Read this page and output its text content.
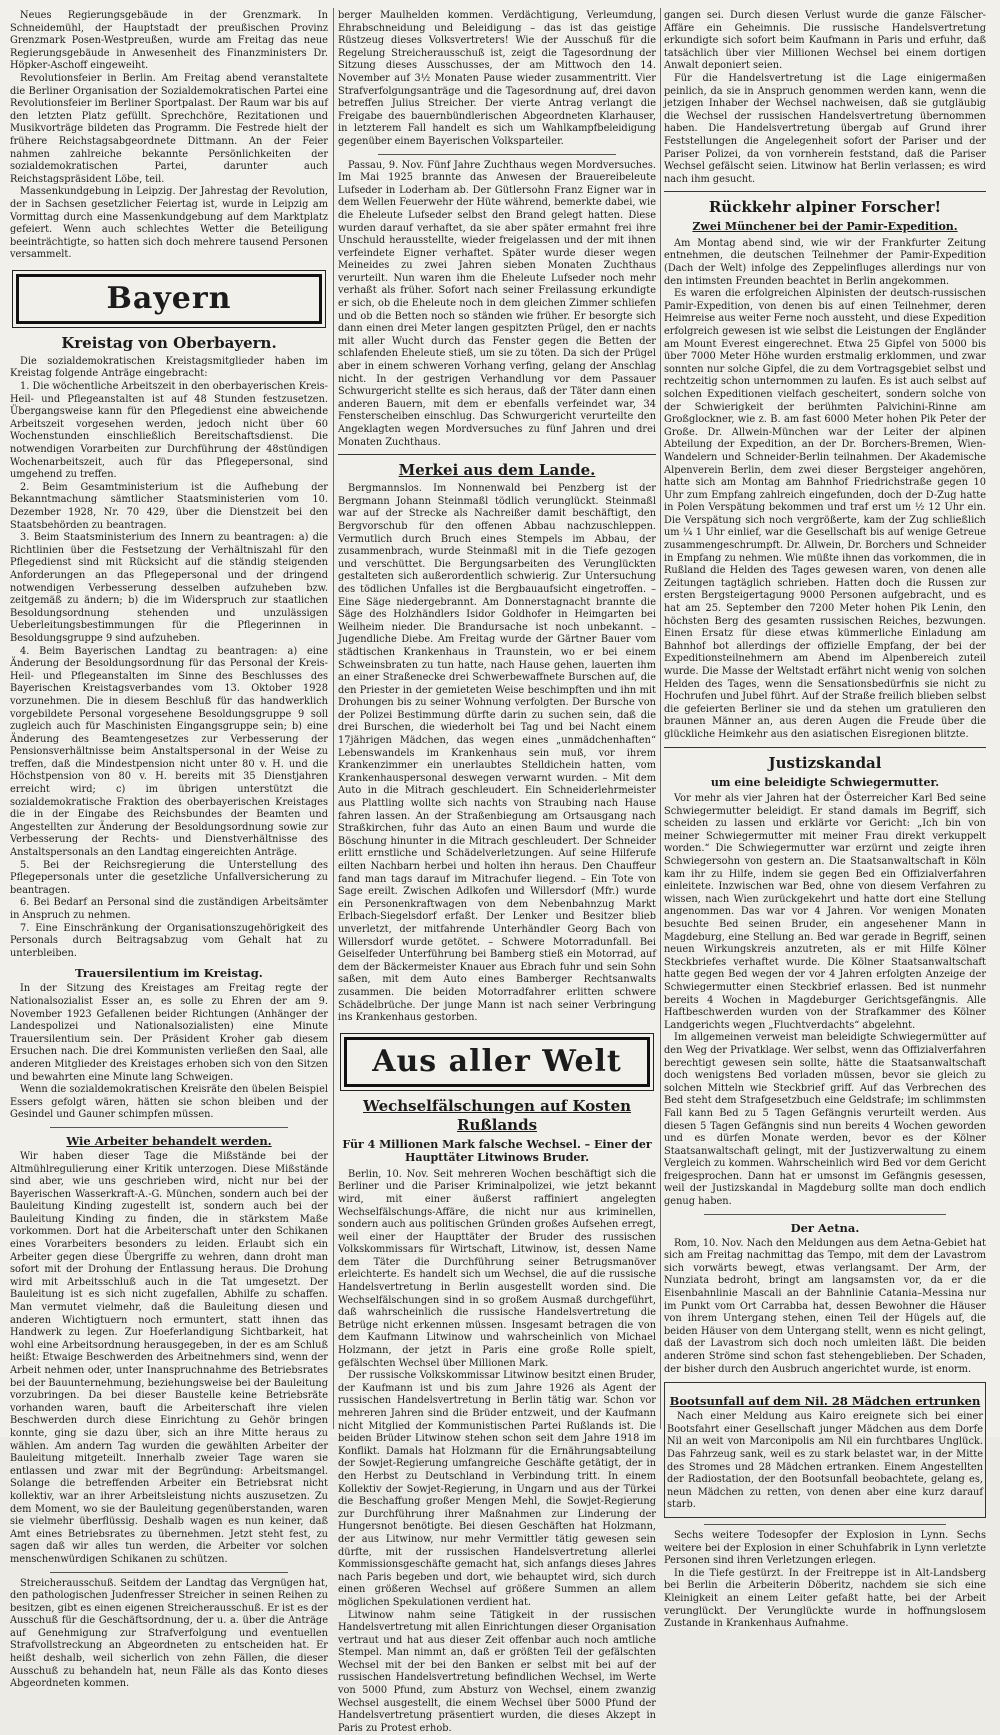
Neues Regierungsgebäude in der Grenzmark. In Schneidemühl, der Hauptstadt der preußischen Provinz Grenzmark Posen-Westpreußen, wurde am Freitag das neue Regierungsgebäude in Anwesenheit des Finanzministers Dr. Höpker-Aschoff eingeweiht.

Revolutionsfeier in Berlin. Am Freitag abend veranstaltete die Berliner Organisation der Sozialdemokratischen Partei eine Revolutionsfeier im Berliner Sportpalast. Der Raum war bis auf den letzten Platz gefüllt. Sprechchöre, Rezitationen und Musikvorträge bildeten das Programm. Die Festrede hielt der frühere Reichstagsabgeordnete Dittmann. An der Feier nahmen zahlreiche bekannte Persönlichkeiten der sozialdemokratischen Partei, darunter auch Reichstagspräsident Löbe, teil.

Massenkundgebung in Leipzig. Der Jahrestag der Revolution, der in Sachsen gesetzlicher Feiertag ist, wurde in Leipzig am Vormittag durch eine Massenkundgebung auf dem Marktplatz gefeiert. Wenn auch schlechtes Wetter die Beteiligung beeinträchtigte, so hatten sich doch mehrere tausend Personen versammelt.

Bayern
Kreistag von Oberbayern.

Die sozialdemokratischen Kreistagsmitglieder haben im Kreistag folgende Anträge eingebracht:

1. Die wöchentliche Arbeitszeit in den oberbayerischen Kreis-Heil- und Pflegeanstalten ist auf 48 Stunden festzusetzen. Übergangsweise kann für den Pflegedienst eine abweichende Arbeitszeit vorgesehen werden, jedoch nicht über 60 Wochenstunden einschließlich Bereitschaftsdienst. Die notwendigen Vorarbeiten zur Durchführung der 48stündigen Wochenarbeitszeit, auch für das Pflegepersonal, sind umgehend zu treffen.

2. Beim Gesamtministerium ist die Aufhebung der Bekanntmachung sämtlicher Staatsministerien vom 10. Dezember 1928, Nr. 70 429, über die Dienstzeit bei den Staatsbehörden zu beantragen.

3. Beim Staatsministerium des Innern zu beantragen: a) die Richtlinien über die Festsetzung der Verhältniszahl für den Pflegedienst sind mit Rücksicht auf die ständig steigenden Anforderungen an das Pflegepersonal und der dringend notwendigen Verbesserung desselben aufzuheben bzw. zeitgemäß zu ändern; b) die im Widerspruch zur staatlichen Besoldungsordnung stehenden und unzulässigen Ueberleitungsbestimmungen für die Pflegerinnen in Besoldungsgruppe 9 sind aufzuheben.

4. Beim Bayerischen Landtag zu beantragen: a) eine Änderung der Besoldungsordnung für das Personal der Kreis-Heil- und Pflegeanstalten im Sinne des Beschlusses des Bayerischen Kreistagsverbandes vom 13. Oktober 1928 vorzunehmen. Die in diesem Beschluß für das handwerklich vorgebildete Personal vorgesehene Besoldungsgruppe 9 soll zugleich auch für Maschinisten Eingangsgruppe sein; b) eine Änderung des Beamtengesetzes zur Verbesserung der Pensionsverhältnisse beim Anstaltspersonal in der Weise zu treffen, daß die Mindestpension nicht unter 80 v. H. und die Höchstpension von 80 v. H. bereits mit 35 Dienstjahren erreicht wird; c) im übrigen unterstützt die sozialdemokratische Fraktion des oberbayerischen Kreistages die in der Eingabe des Reichsbundes der Beamten und Angestellten zur Änderung der Besoldungsordnung sowie zur Verbesserung der Rechts- und Dienstverhältnisse des Anstaltspersonals an den Landtag eingereichten Anträge.

5. Bei der Reichsregierung die Unterstellung des Pflegepersonals unter die gesetzliche Unfallversicherung zu beantragen.

6. Bei Bedarf an Personal sind die zuständigen Arbeitsämter in Anspruch zu nehmen.

7. Eine Einschränkung der Organisationszugehörigkeit des Personals durch Beitragsabzug vom Gehalt hat zu unterbleiben.

Trauersilentium im Kreistag.

In der Sitzung des Kreistages am Freitag regte der Nationalsozialist Esser an, es solle zu Ehren der am 9. November 1923 Gefallenen beider Richtungen (Anhänger der Landespolizei und Nationalsozialisten) eine Minute Trauersilentium sein. Der Präsident Kroher gab diesem Ersuchen nach. Die drei Kommunisten verließen den Saal, alle anderen Mitglieder des Kreistages erhoben sich von den Sitzen und bewahrten eine Minute lang Schweigen.

Wenn die sozialdemokratischen Kreisräte den übelen Beispiel Essers gefolgt wären, hätten sie schon bleiben und der Gesindel und Gauner schimpfen müssen.

Wie Arbeiter behandelt werden.

Wir haben dieser Tage die Mißstände bei der Altmühlregulierung einer Kritik unterzogen. Diese Mißstände sind aber, wie uns geschrieben wird, nicht nur bei der Bayerischen Wasserkraft-A.-G. München, sondern auch bei der Bauleitung Kinding zugestellt ist, sondern auch bei der Bauleitung Kinding zu finden, die in stärkstem Maße vorkommen. Dort hat die Arbeiterschaft unter den Schikanen eines Vorarbeiters besonders zu leiden. Erlaubt sich ein Arbeiter gegen diese Übergriffe zu wehren, dann droht man sofort mit der Drohung der Entlassung heraus. Die Drohung wird mit Arbeitsschluß auch in die Tat umgesetzt. Der Bauleitung ist es sich nicht zugefallen, Abhilfe zu schaffen. Man vermutet vielmehr, daß die Bauleitung diesen und anderen Wichtigtuern noch ermuntert, statt ihnen das Handwerk zu legen. Zur Hoeferlandigung Sichtbarkeit, hat wohl eine Arbeitsordnung herausgegeben, in der es am Schluß heißt: Etwaige Beschwerden des Arbeitnehmers sind, wenn der Arbeit nehmen oder, unter Inanspruchnahme des Betriebsrates bei der Bauunternehmung, beziehungsweise bei der Bauleitung vorzubringen. Da bei dieser Baustelle keine Betriebsräte vorhanden waren, bauft die Arbeiterschaft ihre vielen Beschwerden durch diese Einrichtung zu Gehör bringen konnte, ging sie dazu über, sich an ihre Mitte heraus zu wählen. Am andern Tag wurden die gewählten Arbeiter der Bauleitung mitgeteilt. Innerhalb zweier Tage waren sie entlassen und zwar mit der Begründung: Arbeitsmangel. Solange die betreffenden Arbeiter ein Betriebsrat nicht kollektiv, war an ihrer Arbeitsleistung nichts auszusetzen. Zu dem Moment, wo sie der Bauleitung gegenüberstanden, waren sie vielmehr überflüssig. Deshalb wagen es nun keiner, daß Amt eines Betriebsrates zu übernehmen. Jetzt steht fest, zu sagen daß wir alles tun werden, die Arbeiter vor solchen menschenwürdigen Schikanen zu schützen.

Streicherausschuß. Seitdem der Landtag das Vergnügen hat, den pathologischen Judenfresser Streicher in seinen Reihen zu besitzen, gibt es einen eigenen Streicherausschuß. Er ist es der Ausschuß für die Geschäftsordnung, der u. a. über die Anträge auf Genehmigung zur Strafverfolgung und eventuellen Strafvollstreckung an Abgeordneten zu entscheiden hat. Er heißt deshalb, weil sicherlich von zehn Fällen, die dieser Ausschuß zu behandeln hat, neun Fälle als das Konto dieses Abgeordneten kommen.

berger Maulhelden kommen. Verdächtigung, Verleumdung, Ehrabschneidung und Beleidigung – das ist das geistige Rüstzeug dieses Volksvertreters! Wie der Ausschuß für die Regelung Streicherausschuß ist, zeigt die Tagesordnung der Sitzung dieses Ausschusses, der am Mittwoch den 14. November auf 3½ Monaten Pause wieder zusammentritt. Vier Strafverfolgungsanträge und die Tagesordnung auf, drei davon betreffen Julius Streicher. Der vierte Antrag verlangt die Freigabe des bauernbündlerischen Abgeordneten Klarhauser, in letzterem Fall handelt es sich um Wahlkampfbeleidigung gegenüber einem Bayerischen Volksparteiler.

Passau, 9. Nov. Fünf Jahre Zuchthaus wegen Mordversuches. Im Mai 1925 brannte das Anwesen der Brauereibeleute Lufseder in Loderham ab. Der Gütlersohn Franz Eigner war in dem Wellen Feuerwehr der Hüte während, bemerkte dabei, wie die Eheleute Lufseder selbst den Brand gelegt hatten. Diese wurden darauf verhaftet, da sie aber später ermahnt frei ihre Unschuld herausstellte, wieder freigelassen und der mit ihnen verfeindete Eigner verhaftet. Später wurde dieser wegen Meineides zu zwei Jahren sieben Monaten Zuchthaus verurteilt. Nun waren ihm die Eheleute Lufseder noch mehr verhaßt als früher. Sofort nach seiner Freilassung erkundigte er sich, ob die Eheleute noch in dem gleichen Zimmer schliefen und ob die Betten noch so ständen wie früher. Er besorgte sich dann einen drei Meter langen gespitzten Prügel, den er nachts mit aller Wucht durch das Fenster gegen die Betten der schlafenden Eheleute stieß, um sie zu töten. Da sich der Prügel aber in einem schweren Vorhang verfing, gelang der Anschlag nicht. In der gestrigen Verhandlung vor dem Passauer Schwurgericht stellte es sich heraus, daß der Täter dann einen anderen Bauern, mit dem er ebenfalls verfeindet war, 34 Fensterscheiben einschlug. Das Schwurgericht verurteilte den Angeklagten wegen Mordversuches zu fünf Jahren und drei Monaten Zuchthaus.

Merkei aus dem Lande.

Bergmannslos. Im Nonnenwald bei Penzberg ist der Bergmann Johann Steinmaßl tödlich verunglückt. Steinmaßl war auf der Strecke als Nachreißer damit beschäftigt, den Bergvorschub für den offenen Abbau nachzuschleppen. Vermutlich durch Bruch eines Stempels im Abbau, der zusammenbrach, wurde Steinmaßl mit in die Tiefe gezogen und verschüttet. Die Bergungsarbeiten des Verunglückten gestalteten sich außerordentlich schwierig. Zur Untersuchung des tödlichen Unfalles ist die Bergbauaufsicht eingetroffen. – Eine Säge niedergebrannt. Am Donnerstagnacht brannte die Säge des Holzhändlers Isidor Goldhofer in Heimgarten bei Weilheim nieder. Die Brandursache ist noch unbekannt. – Jugendliche Diebe. Am Freitag wurde der Gärtner Bauer vom städtischen Krankenhaus in Traunstein, wo er bei einem Schweinsbraten zu tun hatte, nach Hause gehen, lauerten ihm an einer Straßenecke drei Schwerbewaffnete Burschen auf, die den Priester in der gemieteten Weise beschimpften und ihn mit Drohungen bis zu seiner Wohnung verfolgten. Der Bursche von der Polizei Bestimmung dürfte darin zu suchen sein, daß die drei Burschen, die wiederholt bei Tag und bei Nacht einem 17jährigen Mädchen, das wegen eines „unmädchenhaften“ Lebenswandels im Krankenhaus sein muß, vor ihrem Krankenzimmer ein unerlaubtes Stelldichein hatten, vom Krankenhauspersonal deswegen verwarnt wurden. – Mit dem Auto in die Mitrach geschleudert. Ein Schneiderlehrmeister aus Plattling wollte sich nachts von Straubing nach Hause fahren lassen. An der Straßenbiegung am Ortsausgang nach Straßkirchen, fuhr das Auto an einen Baum und wurde die Böschung hinunter in die Mitrach geschleudert. Der Schneider erlitt ernstliche und Schädelverletzungen. Auf seine Hilferufe eilten Nachbarn herbei und holten ihn heraus. Den Chauffeur fand man tags darauf im Mitrachufer liegend. – Ein Tote von Sage ereilt. Zwischen Adlkofen und Willersdorf (Mfr.) wurde ein Personenkraftwagen von dem Nebenbahnzug Markt Erlbach-Siegelsdorf erfaßt. Der Lenker und Besitzer blieb unverletzt, der mitfahrende Unterhändler Georg Bach von Willersdorf wurde getötet. – Schwere Motorradunfall. Bei Geiselfeder Unterführung bei Bamberg stieß ein Motorrad, auf dem der Bäckermeister Knauer aus Ebrach fuhr und sein Sohn saßen, mit dem Auto eines Bamberger Rechtsanwalts zusammen. Die beiden Motorradfahrer erlitten schwere Schädelbrüche. Der junge Mann ist nach seiner Verbringung ins Krankenhaus gestorben.

Aus aller Welt
Wechselfälschungen auf Kosten Rußlands
Für 4 Millionen Mark falsche Wechsel. – Einer der Haupttäter Litwinows Bruder.

Berlin, 10. Nov. Seit mehreren Wochen beschäftigt sich die Berliner und die Pariser Kriminalpolizei, wie jetzt bekannt wird, mit einer äußerst raffiniert angelegten Wechselfälschungs-Affäre, die nicht nur aus kriminellen, sondern auch aus politischen Gründen großes Aufsehen erregt, weil einer der Haupttäter der Bruder des russischen Volkskommissars für Wirtschaft, Litwinow, ist, dessen Name dem Täter die Durchführung seiner Betrugsmanöver erleichterte. Es handelt sich um Wechsel, die auf die russische Handelsvertretung in Berlin ausgestellt worden sind. Die Wechselfälschungen sind in so großem Ausmaß durchgeführt, daß wahrscheinlich die russische Handelsvertretung die Betrüge nicht erkennen müssen. Insgesamt betragen die von dem Kaufmann Litwinow und wahrscheinlich von Michael Holzmann, der jetzt in Paris eine große Rolle spielt, gefälschten Wechsel über Millionen Mark.

Der russische Volkskommissar Litwinow besitzt einen Bruder, der Kaufmann ist und bis zum Jahre 1926 als Agent der russischen Handelsvertretung in Berlin tätig war. Schon vor mehreren Jahren sind die Brüder entzweit, und der Kaufmann nicht Mitglied der Kommunistischen Partei Rußlands ist. Die beiden Brüder Litwinow stehen schon seit dem Jahre 1918 im Konflikt. Damals hat Holzmann für die Ernährungsabteilung der Sowjet-Regierung umfangreiche Geschäfte getätigt, der in den Herbst zu Deutschland in Verbindung tritt. In einem Kollektiv der Sowjet-Regierung, in Ungarn und aus der Türkei die Beschaffung großer Mengen Mehl, die Sowjet-Regierung zur Durchführung ihrer Maßnahmen zur Linderung der Hungersnot benötigte. Bei diesen Geschäften hat Holzmann, der aus Litwinow, nur mehr Vermittler tätig gewesen sein dürfte, mit der russischen Handelsvertretung allerlei Kommissionsgeschäfte gemacht hat, sich anfangs dieses Jahres nach Paris begeben und dort, wie behauptet wird, sich durch einen größeren Wechsel auf größere Summen an allem möglichen Spekulationen verdient hat.

Litwinow nahm seine Tätigkeit in der russischen Handelsvertretung mit allen Einrichtungen dieser Organisation vertraut und hat aus dieser Zeit offenbar auch noch amtliche Stempel. Man nimmt an, daß er größten Teil der gefälschten Wechsel mit der bei den Banken er selbst mit bei auf der russischen Handelsvertretung befindlichen Wechsel, im Werte von 5000 Pfund, zum Absturz von Wechsel, einem zwanzig Wechsel ausgestellt, die einem Wechsel über 5000 Pfund der Handelsvertretung präsentiert wurden, die dieses Akzept in Paris zu Protest erhob.

gangen sei. Durch diesen Verlust wurde die ganze Fälscher-Affäre ein Geheimnis. Die russische Handelsvertretung erkundigte sich sofort beim Kaufmann in Paris und erfuhr, daß tatsächlich über vier Millionen Wechsel bei einem dortigen Anwalt deponiert seien.

Für die Handelsvertretung ist die Lage einigermaßen peinlich, da sie in Anspruch genommen werden kann, wenn die jetzigen Inhaber der Wechsel nachweisen, daß sie gutgläubig die Wechsel der russischen Handelsvertretung übernommen haben. Die Handelsvertretung übergab auf Grund ihrer Feststellungen die Angelegenheit sofort der Pariser und der Pariser Polizei, da von vornherein feststand, daß die Pariser Wechsel gefälscht seien. Litwinow hat Berlin verlassen; es wird nach ihm gesucht.

Rückkehr alpiner Forscher!
Zwei Münchener bei der Pamir-Expedition.

Am Montag abend sind, wie wir der Frankfurter Zeitung entnehmen, die deutschen Teilnehmer der Pamir-Expedition (Dach der Welt) infolge des Zeppelinfluges allerdings nur von den intimsten Freunden beachtet in Berlin angekommen.

Es waren die erfolgreichen Alpinisten der deutsch-russischen Pamir-Expedition, von denen bis auf einen Teilnehmer, deren Heimreise aus weiter Ferne noch aussteht, und diese Expedition erfolgreich gewesen ist wie selbst die Leistungen der Engländer am Mount Everest eingerechnet. Etwa 25 Gipfel von 5000 bis über 7000 Meter Höhe wurden erstmalig erklommen, und zwar sonnten nur solche Gipfel, die zu dem Vortragsgebiet selbst und rechtzeitig schon unternommen zu laufen. Es ist auch selbst auf solchen Expeditionen vielfach gescheitert, sondern solche von der Schwierigkeit der berühmten Palvichini-Rinne am Großglockner, wie z. B. am fast 6000 Meter hohen Pik Peter der Große. Dr. Allwein-München war der Leiter der alpinen Abteilung der Expedition, an der Dr. Borchers-Bremen, Wien-Wandelern und Schneider-Berlin teilnahmen. Der Akademische Alpenverein Berlin, dem zwei dieser Bergsteiger angehören, hatte sich am Montag am Bahnhof Friedrichstraße gegen 10 Uhr zum Empfang zahlreich eingefunden, doch der D-Zug hatte in Polen Verspätung bekommen und traf erst um ½ 12 Uhr ein. Die Verspätung sich noch vergrößerte, kam der Zug schließlich um ¼ 1 Uhr einlief, war die Gesellschaft bis auf wenige Getreue zusammengeschrumpft. Dr. Allwein, Dr. Borchers und Schneider in Empfang zu nehmen. Wie müßte ihnen das vorkommen, die in Rußland die Helden des Tages gewesen waren, von denen alle Zeitungen tagtäglich schrieben. Hatten doch die Russen zur ersten Bergsteigertagung 9000 Personen aufgebracht, und es hat am 25. September den 7200 Meter hohen Pik Lenin, den höchsten Berg des gesamten russischen Reiches, bezwungen. Einen Ersatz für diese etwas kümmerliche Einladung am Bahnhof bot allerdings der offizielle Empfang, der bei der Expeditionsteilnehmern am Abend im Alpenbereich zuteil wurde. Die Masse der Weltstadt erfährt nicht wenig von solchen Helden des Tages, wenn die Sensationsbedürfnis sie nicht zu Hochrufen und Jubel führt. Auf der Straße freilich blieben selbst die gefeierten Berliner sie und da stehen um gratulieren den braunen Männer an, aus deren Augen die Freude über die glückliche Heimkehr aus den asiatischen Eisregionen blitzte.

Justizskandal
um eine beleidigte Schwiegermutter.

Vor mehr als vier Jahren hat der Österreicher Karl Bed seine Schwiegermutter beleidigt. Er stand damals im Begriff, sich scheiden zu lassen und erklärte vor Gericht: „Ich bin von meiner Schwiegermutter mit meiner Frau direkt verkuppelt worden.“ Die Schwiegermutter war erzürnt und zeigte ihren Schwiegersohn von gestern an. Die Staatsanwaltschaft in Köln kam ihr zu Hilfe, indem sie gegen Bed ein Offizialverfahren einleitete. Inzwischen war Bed, ohne von diesem Verfahren zu wissen, nach Wien zurückgekehrt und hatte dort eine Stellung angenommen. Das war vor 4 Jahren. Vor wenigen Monaten besuchte Bed seinen Bruder, ein angesehener Mann in Magdeburg, eine Stellung an. Bed war gerade in Begriff, seinen neuen Wirkungskreis anzutreten, als er mit Hilfe Kölner Steckbriefes verhaftet wurde. Die Kölner Staatsanwaltschaft hatte gegen Bed wegen der vor 4 Jahren erfolgten Anzeige der Schwiegermutter einen Steckbrief erlassen. Bed ist nunmehr bereits 4 Wochen in Magdeburger Gerichtsgefängnis. Alle Haftbeschwerden wurden von der Strafkammer des Kölner Landgerichts wegen „Fluchtverdachts“ abgelehnt.

Im allgemeinen verweist man beleidigte Schwiegermütter auf den Weg der Privatklage. Wer selbst, wenn das Offizialverfahren berechtigt gewesen sein sollte, hätte die Staatsanwaltschaft doch wenigstens Bed vorladen müssen, bevor sie gleich zu solchen Mitteln wie Steckbrief griff. Auf das Verbrechen des Bed steht dem Strafgesetzbuch eine Geldstrafe; im schlimmsten Fall kann Bed zu 5 Tagen Gefängnis verurteilt werden. Aus diesen 5 Tagen Gefängnis sind nun bereits 4 Wochen geworden und es dürfen Monate werden, bevor es der Kölner Staatsanwaltschaft gelingt, mit der Justizverwaltung zu einem Vergleich zu kommen. Wahrscheinlich wird Bed vor dem Gericht freigesprochen. Dann hat er umsonst im Gefängnis gesessen, weil der Justizskandal in Magdeburg sollte man doch endlich genug haben.

Der Aetna.

Rom, 10. Nov. Nach den Meldungen aus dem Aetna-Gebiet hat sich am Freitag nachmittag das Tempo, mit dem der Lavastrom sich vorwärts bewegt, etwas verlangsamt. Der Arm, der Nunziata bedroht, bringt am langsamsten vor, da er die Eisenbahnlinie Mascali an der Bahnlinie Catania–Messina nur im Punkt vom Ort Carrabba hat, dessen Bewohner die Häuser von ihrem Untergang stehen, einen Teil der Hügels auf, die beiden Häuser von dem Untergang stellt, wenn es nicht gelingt, daß der Lavastrom sich doch noch umleiten läßt. Die beiden anderen Ströme sind schon fast stehengeblieben. Der Schaden, der bisher durch den Ausbruch angerichtet wurde, ist enorm.

Bootsunfall auf dem Nil. 28 Mädchen ertrunken

Nach einer Meldung aus Kairo ereignete sich bei einer Bootsfahrt einer Gesellschaft junger Mädchen aus dem Dorfe Nil an weit von Marconipolis am Nil ein furchtbares Unglück. Das Fahrzeug sank, weil es zu stark belastet war, in der Mitte des Stromes und 28 Mädchen ertranken. Einem Angestellten der Radiostation, der den Bootsunfall beobachtete, gelang es, neun Mädchen zu retten, von denen aber eine kurz darauf starb.

Sechs weitere Todesopfer der Explosion in Lynn. Sechs weitere bei der Explosion in einer Schuhfabrik in Lynn verletzte Personen sind ihren Verletzungen erlegen.

In die Tiefe gestürzt. In der Freitreppe ist in Alt-Landsberg bei Berlin die Arbeiterin Döberitz, nachdem sie sich eine Kleinigkeit an einem Leiter gefaßt hatte, bei der Arbeit verunglückt. Der Verunglückte wurde in hoffnungslosem Zustande in Krankenhaus Aufnahme.
